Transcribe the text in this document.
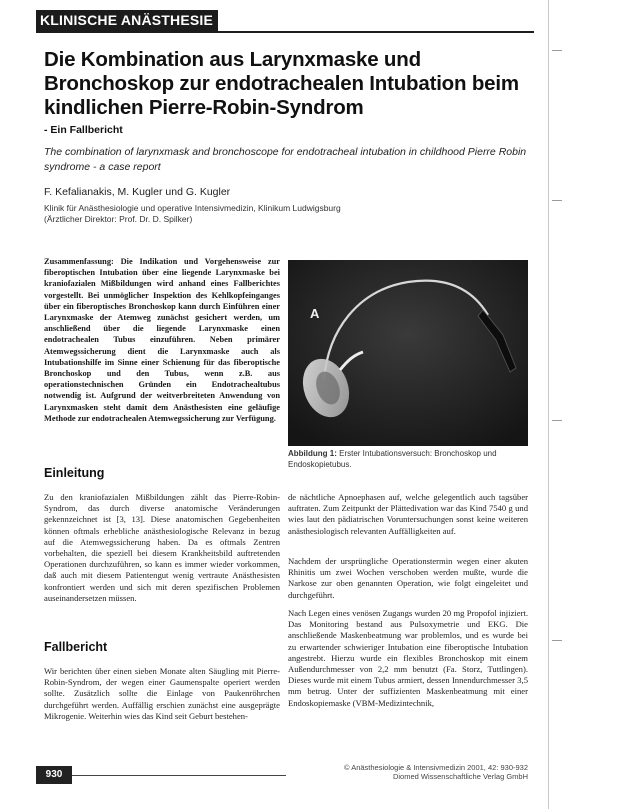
KLINISCHE ANÄSTHESIE
Die Kombination aus Larynxmaske und Bronchoskop zur endotrachealen Intubation beim kindlichen Pierre-Robin-Syndrom
- Ein Fallbericht
The combination of larynxmask and bronchoscope for endotracheal intubation in childhood Pierre Robin syndrome - a case report
F. Kefalianakis, M. Kugler und G. Kugler
Klinik für Anästhesiologie und operative Intensivmedizin, Klinikum Ludwigsburg
(Ärztlicher Direktor: Prof. Dr. D. Spilker)

Zusammenfassung: Die Indikation und Vorgehensweise zur fiberoptischen Intubation über eine liegende Larynxmaske bei kraniofazialen Mißbildungen wird anhand eines Fallberichtes vorgestellt. Bei unmöglicher Inspektion des Kehlkopfeinganges über ein fiberoptisches Bronchoskop kann durch Einführen einer Larynxmaske der Atemweg zunächst gesichert werden, um anschließend über die liegende Larynxmaske einen endotrachealen Tubus einzuführen. Neben primärer Atemwegssicherung dient die Larynxmaske auch als Intubationshilfe im Sinne einer Schienung für das fiberoptische Bronchoskop und den Tubus, wenn z.B. aus operationstechnischen Gründen ein Endotrachealtubus notwendig ist. Aufgrund der weitverbreiteten Anwendung von Larynxmasken steht damit dem Anästhesisten eine geläufige Methode zur endotrachealen Atemwegssicherung zur Verfügung.

A
Abbildung 1: Erster Intubationsversuch: Bronchoskop und Endoskopietubus.
Einleitung

Zu den kraniofazialen Mißbildungen zählt das Pierre-Robin-Syndrom, das durch diverse anatomische Veränderungen gekennzeichnet ist [3, 13]. Diese anatomischen Gegebenheiten können oftmals erhebliche anästhesiologische Relevanz in bezug auf die Atemwegssicherung haben. Da es oftmals Zentren vorbehalten, die speziell bei diesem Krankheitsbild auftretenden Operationen durchzuführen, so kann es immer wieder vorkommen, daß auch mit diesem Patientengut wenig vertraute Anästhesisten konfrontiert werden und sich mit deren spezifischen Problemen auseinandersetzen müssen.

Fallbericht

Wir berichten über einen sieben Monate alten Säugling mit Pierre-Robin-Syndrom, der wegen einer Gaumenspalte operiert werden sollte. Zusätzlich sollte die Einlage von Paukenröhrchen durchgeführt werden. Auffällig erschien zunächst eine ausgeprägte Mikrogenie. Weiterhin wies das Kind seit Geburt bestehen-

de nächtliche Apnoephasen auf, welche gelegentlich auch tagsüber auftraten. Zum Zeitpunkt der Plättedivation war das Kind 7540 g und wies laut den pädiatrischen Voruntersuchungen sonst keine weiteren anästhesiologisch relevanten Auffälligkeiten auf.

Nachdem der ursprüngliche Operationstermin wegen einer akuten Rhinitis um zwei Wochen verschoben werden mußte, wurde die Narkose zur oben genannten Operation, wie folgt eingeleitet und durchgeführt.

Nach Legen eines venösen Zugangs wurden 20 mg Propofol injiziert. Das Monitoring bestand aus Pulsoxymetrie und EKG. Die anschließende Maskenbeatmung war problemlos, und es wurde bei zu erwartender schwieriger Intubation eine fiberoptische Intubation angestrebt. Hierzu wurde ein flexibles Bronchoskop mit einem Außendurchmesser von 2,2 mm benutzt (Fa. Storz, Tuttlingen). Dieses wurde mit einem Tubus armiert, dessen Innendurchmesser 3,5 mm betrug. Unter der suffizienten Maskenbeatmung mit einer Endoskopiemaske (VBM-Medizintechnik,

930
© Anästhesiologie & Intensivmedizin 2001, 42: 930-932
Diomed Wissenschaftliche Verlag GmbH
